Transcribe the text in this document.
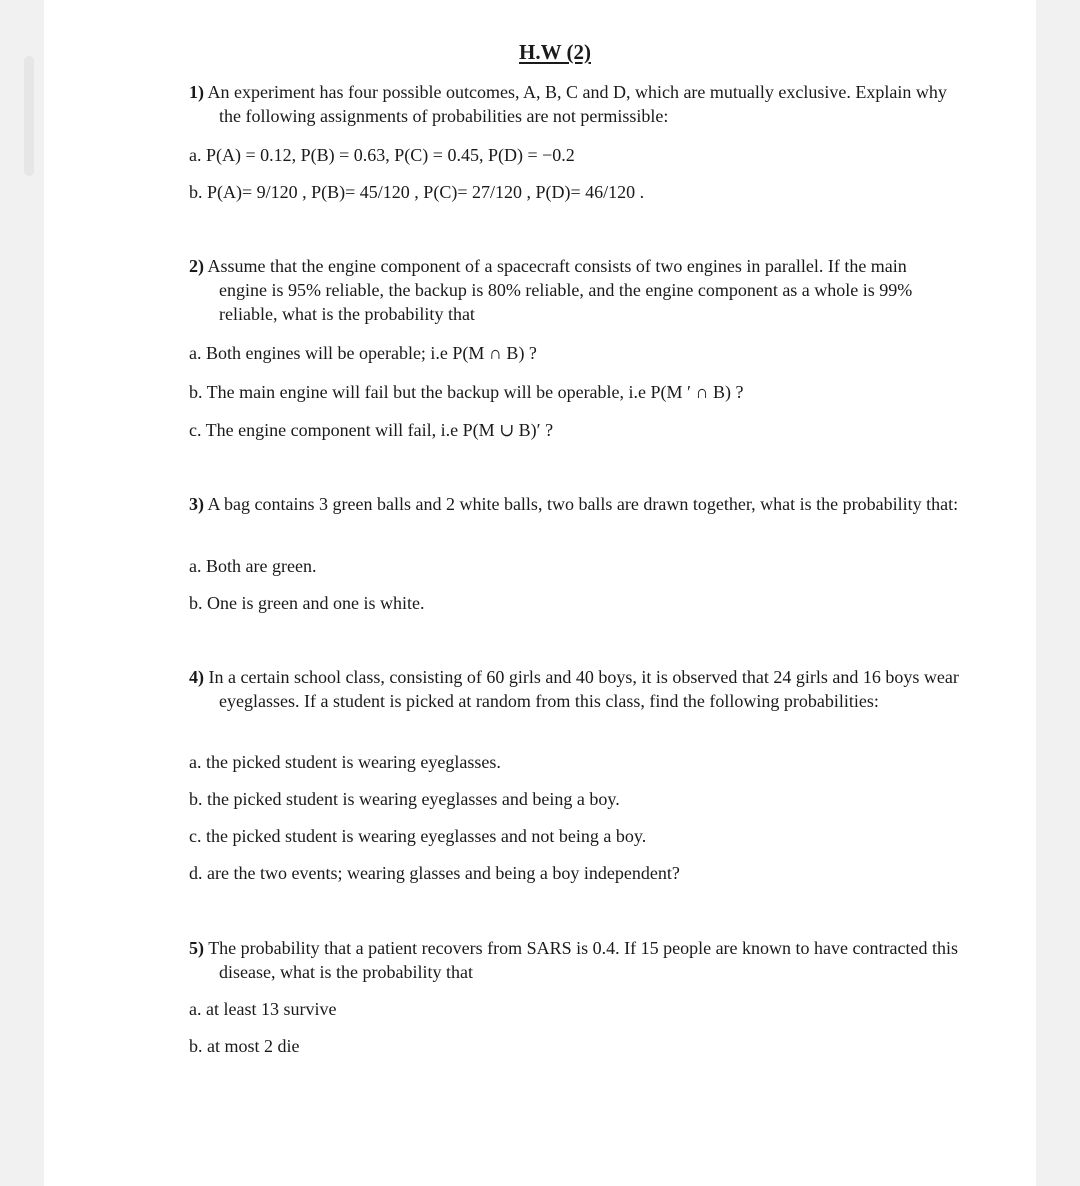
H.W (2)
1) An experiment has four possible outcomes, A, B, C and D, which are mutually exclusive. Explain why the following assignments of probabilities are not permissible:
a. P(A) = 0.12, P(B) = 0.63, P(C) = 0.45, P(D) = −0.2
b. P(A)= 9/120 , P(B)= 45/120 , P(C)= 27/120 , P(D)= 46/120 .
2) Assume that the engine component of a spacecraft consists of two engines in parallel. If the main engine is 95% reliable, the backup is 80% reliable, and the engine component as a whole is 99% reliable, what is the probability that
a. Both engines will be operable; i.e P(M ∩ B) ?
b. The main engine will fail but the backup will be operable, i.e P(M ′ ∩ B) ?
c. The engine component will fail, i.e P(M ∪ B)′ ?
3) A bag contains 3 green balls and 2 white balls, two balls are drawn together, what is the probability that:
a. Both are green.
b. One is green and one is white.
4) In a certain school class, consisting of 60 girls and 40 boys, it is observed that 24 girls and 16 boys wear eyeglasses. If a student is picked at random from this class, find the following probabilities:
a. the picked student is wearing eyeglasses.
b. the picked student is wearing eyeglasses and being a boy.
c. the picked student is wearing eyeglasses and not being a boy.
d. are the two events; wearing glasses and being a boy independent?
5) The probability that a patient recovers from SARS is 0.4. If 15 people are known to have contracted this disease, what is the probability that
a. at least 13 survive
b. at most 2 die
